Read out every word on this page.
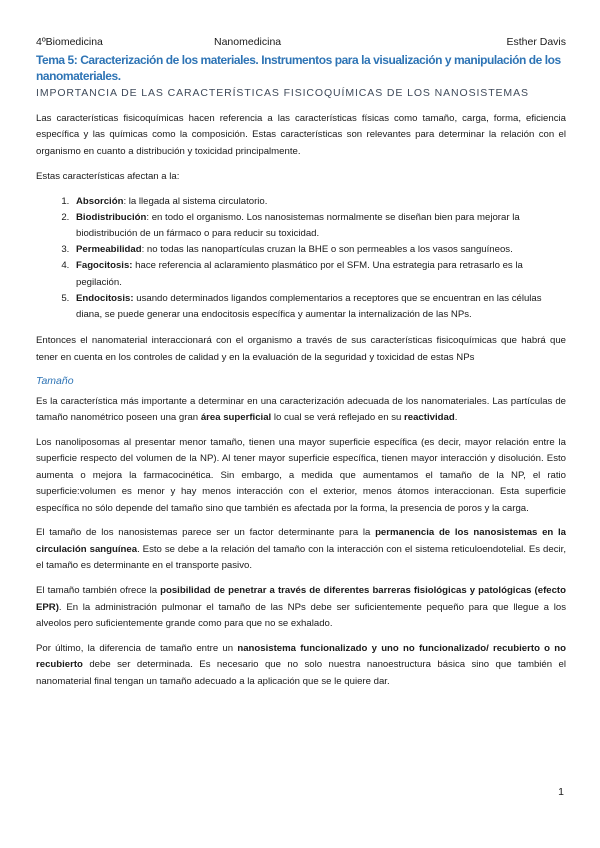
4ºBiomedicina	Nanomedicina	Esther Davis
Tema 5: Caracterización de los materiales. Instrumentos para la visualización y manipulación de los nanomateriales.
IMPORTANCIA DE LAS CARACTERÍSTICAS FISICOQUÍMICAS DE LOS NANOSISTEMAS

Las características fisicoquímicas hacen referencia a las características físicas como tamaño, carga, forma, eficiencia específica y las químicas como la composición. Estas características son relevantes para determinar la relación con el organismo en cuanto a distribución y toxicidad principalmente.

Estas características afectan a la:

1. Absorción: la llegada al sistema circulatorio.
2. Biodistribución: en todo el organismo. Los nanosistemas normalmente se diseñan bien para mejorar la biodistribución de un fármaco o para reducir su toxicidad.
3. Permeabilidad: no todas las nanopartículas cruzan la BHE o son permeables a los vasos sanguíneos.
4. Fagocitosis: hace referencia al aclaramiento plasmático por el SFM. Una estrategia para retrasarlo es la pegilación.
5. Endocitosis: usando determinados ligandos complementarios a receptores que se encuentran en las células diana, se puede generar una endocitosis específica y aumentar la internalización de las NPs.

Entonces el nanomaterial interaccionará con el organismo a través de sus características fisicoquímicas que habrá que tener en cuenta en los controles de calidad y en la evaluación de la seguridad y toxicidad de estas NPs

Tamaño

Es la característica más importante a determinar en una caracterización adecuada de los nanomateriales. Las partículas de tamaño nanométrico poseen una gran área superficial lo cual se verá reflejado en su reactividad.

Los nanoliposomas al presentar menor tamaño, tienen una mayor superficie específica (es decir, mayor relación entre la superficie respecto del volumen de la NP). Al tener mayor superficie específica, tienen mayor interacción y disolución. Esto aumenta o mejora la farmacocinética. Sin embargo, a medida que aumentamos el tamaño de la NP, el ratio superficie:volumen es menor y hay menos interacción con el exterior, menos átomos interaccionan. Esta superficie específica no sólo depende del tamaño sino que también es afectada por la forma, la presencia de poros y la carga.

El tamaño de los nanosistemas parece ser un factor determinante para la permanencia de los nanosistemas en la circulación sanguínea. Esto se debe a la relación del tamaño con la interacción con el sistema reticuloendotelial. Es decir, el tamaño es determinante en el transporte pasivo.

El tamaño también ofrece la posibilidad de penetrar a través de diferentes barreras fisiológicas y patológicas (efecto EPR). En la administración pulmonar el tamaño de las NPs debe ser suficientemente pequeño para que llegue a los alveolos pero suficientemente grande como para que no se exhalado.

Por último, la diferencia de tamaño entre un nanosistema funcionalizado y uno no funcionalizado/ recubierto o no recubierto debe ser determinada. Es necesario que no solo nuestra nanoestructura básica sino que también el nanomaterial final tengan un tamaño adecuado a la aplicación que se le quiere dar.

1
